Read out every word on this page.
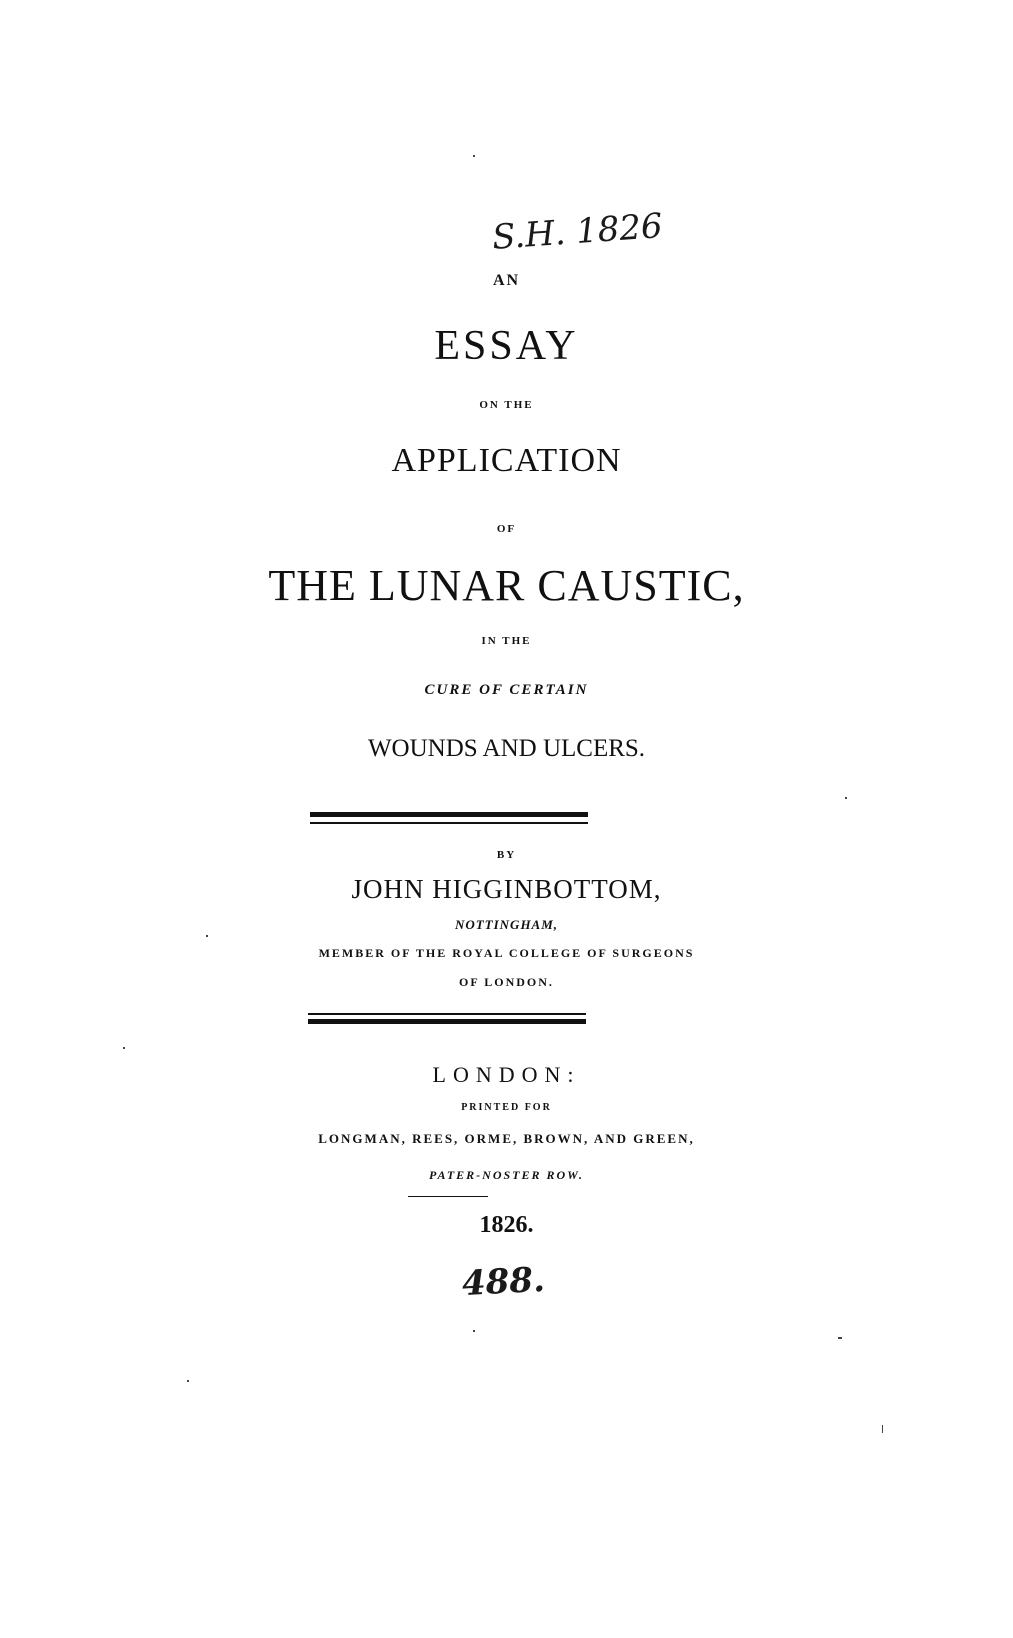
S.H. 1826
488.
AN
ESSAY
ON THE
APPLICATION
OF
THE LUNAR CAUSTIC,
IN THE
CURE OF CERTAIN
WOUNDS AND ULCERS.
BY
JOHN HIGGINBOTTOM,
NOTTINGHAM,
MEMBER OF THE ROYAL COLLEGE OF SURGEONS
OF LONDON.
LONDON:
PRINTED FOR
LONGMAN, REES, ORME, BROWN, AND GREEN,
PATER-NOSTER ROW.
1826.
